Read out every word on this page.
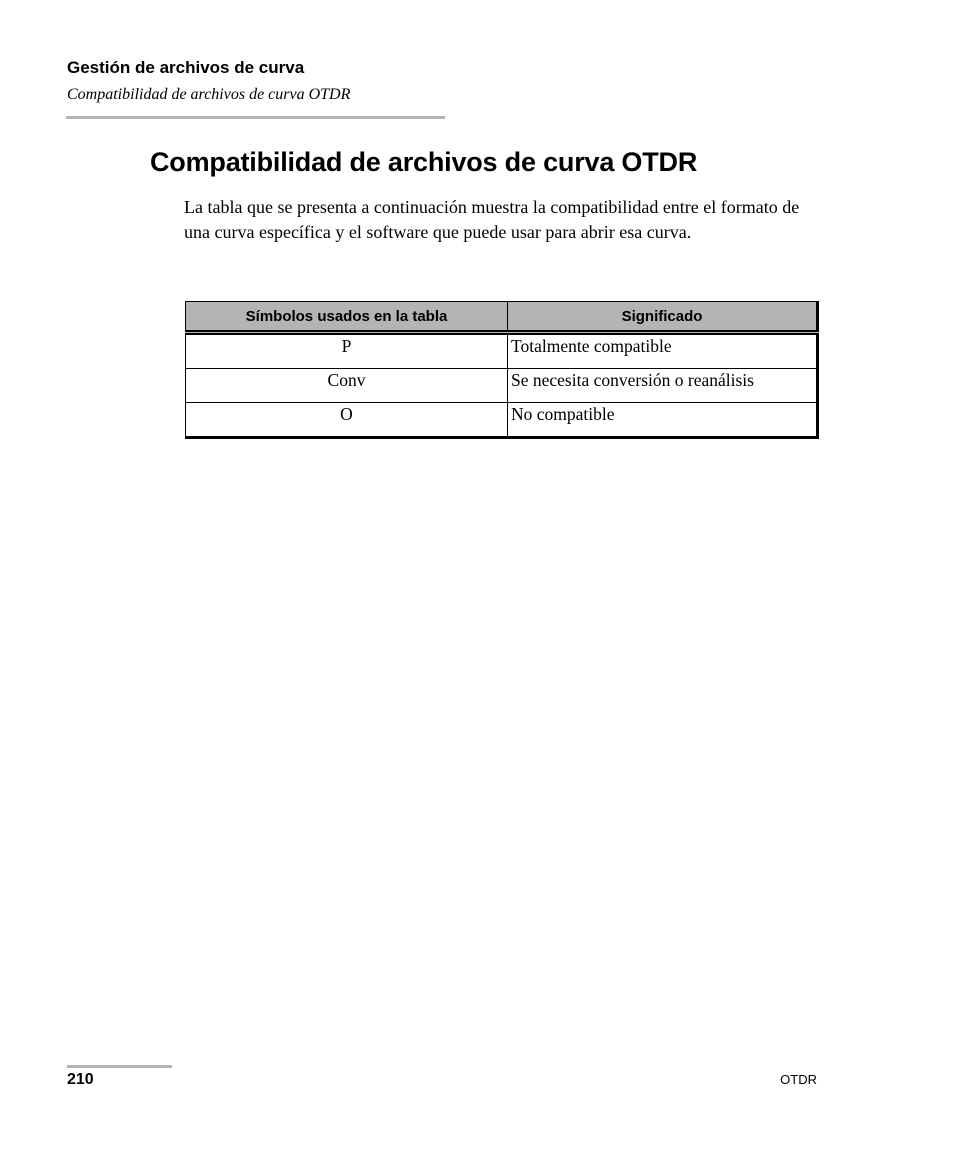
Gestión de archivos de curva

Compatibilidad de archivos de curva OTDR

Compatibilidad de archivos de curva OTDR

La tabla que se presenta a continuación muestra la compatibilidad entre el formato de una curva específica y el software que puede usar para abrir esa curva.

Símbolos usados en la tabla	Significado
P	Totalmente compatible
Conv	Se necesita conversión o reanálisis
O	No compatible
210	OTDR
